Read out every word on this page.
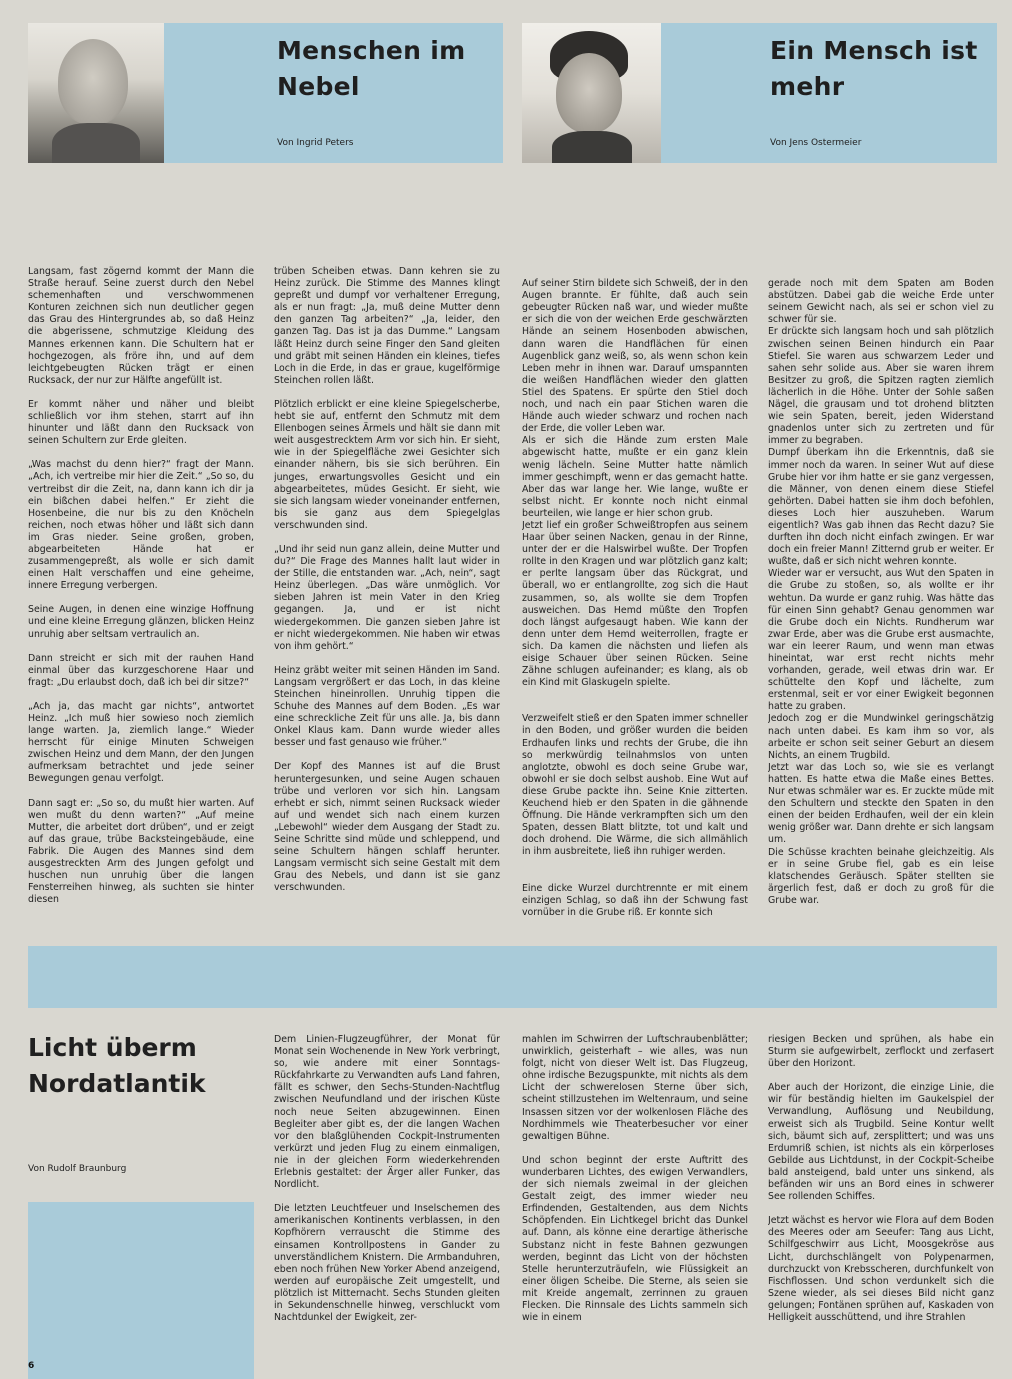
Menschen im Nebel
Von Ingrid Peters
Ein Mensch ist mehr
Von Jens Ostermeier

Langsam, fast zögernd kommt der Mann die Straße herauf. Seine zuerst durch den Nebel schemenhaften und verschwommenen Konturen zeichnen sich nun deutlicher gegen das Grau des Hintergrundes ab, so daß Heinz die abgerissene, schmutzige Kleidung des Mannes erkennen kann. Die Schultern hat er hochgezogen, als fröre ihn, und auf dem leichtgebeugten Rücken trägt er einen Rucksack, der nur zur Hälfte angefüllt ist.

Er kommt näher und näher und bleibt schließlich vor ihm stehen, starrt auf ihn hinunter und läßt dann den Rucksack von seinen Schultern zur Erde gleiten.

„Was machst du denn hier?“ fragt der Mann. „Ach, ich vertreibe mir hier die Zeit.“ „So so, du vertreibst dir die Zeit, na, dann kann ich dir ja ein bißchen dabei helfen.“ Er zieht die Hosenbeine, die nur bis zu den Knöcheln reichen, noch etwas höher und läßt sich dann im Gras nieder. Seine großen, groben, abgearbeiteten Hände hat er zusammengepreßt, als wolle er sich damit einen Halt verschaffen und eine geheime, innere Erregung verbergen.

Seine Augen, in denen eine winzige Hoffnung und eine kleine Erregung glänzen, blicken Heinz unruhig aber seltsam vertraulich an.

Dann streicht er sich mit der rauhen Hand einmal über das kurzgeschorene Haar und fragt: „Du erlaubst doch, daß ich bei dir sitze?“

„Ach ja, das macht gar nichts“, antwortet Heinz. „Ich muß hier sowieso noch ziemlich lange warten. Ja, ziemlich lange.“ Wieder herrscht für einige Minuten Schweigen zwischen Heinz und dem Mann, der den Jungen aufmerksam betrachtet und jede seiner Bewegungen genau verfolgt.

Dann sagt er: „So so, du mußt hier warten. Auf wen mußt du denn warten?“ „Auf meine Mutter, die arbeitet dort drüben“, und er zeigt auf das graue, trübe Backsteingebäude, eine Fabrik. Die Augen des Mannes sind dem ausgestreckten Arm des Jungen gefolgt und huschen nun unruhig über die langen Fensterreihen hinweg, als suchten sie hinter diesen

trüben Scheiben etwas. Dann kehren sie zu Heinz zurück. Die Stimme des Mannes klingt gepreßt und dumpf vor verhaltener Erregung, als er nun fragt: „Ja, muß deine Mutter denn den ganzen Tag arbeiten?“ „Ja, leider, den ganzen Tag. Das ist ja das Dumme.“ Langsam läßt Heinz durch seine Finger den Sand gleiten und gräbt mit seinen Händen ein kleines, tiefes Loch in die Erde, in das er graue, kugelförmige Steinchen rollen läßt.

Plötzlich erblickt er eine kleine Spiegelscherbe, hebt sie auf, entfernt den Schmutz mit dem Ellenbogen seines Ärmels und hält sie dann mit weit ausgestrecktem Arm vor sich hin. Er sieht, wie in der Spiegelfläche zwei Gesichter sich einander nähern, bis sie sich berühren. Ein junges, erwartungsvolles Gesicht und ein abgearbeitetes, müdes Gesicht. Er sieht, wie sie sich langsam wieder voneinander entfernen, bis sie ganz aus dem Spiegelglas verschwunden sind.

„Und ihr seid nun ganz allein, deine Mutter und du?“ Die Frage des Mannes hallt laut wider in der Stille, die entstanden war. „Ach, nein“, sagt Heinz überlegen. „Das wäre unmöglich. Vor sieben Jahren ist mein Vater in den Krieg gegangen. Ja, und er ist nicht wiedergekommen. Die ganzen sieben Jahre ist er nicht wiedergekommen. Nie haben wir etwas von ihm gehört.“

Heinz gräbt weiter mit seinen Händen im Sand. Langsam vergrößert er das Loch, in das kleine Steinchen hineinrollen. Unruhig tippen die Schuhe des Mannes auf dem Boden. „Es war eine schreckliche Zeit für uns alle. Ja, bis dann Onkel Klaus kam. Dann wurde wieder alles besser und fast genauso wie früher.“

Der Kopf des Mannes ist auf die Brust heruntergesunken, und seine Augen schauen trübe und verloren vor sich hin. Langsam erhebt er sich, nimmt seinen Rucksack wieder auf und wendet sich nach einem kurzen „Lebewohl“ wieder dem Ausgang der Stadt zu. Seine Schritte sind müde und schleppend, und seine Schultern hängen schlaff herunter. Langsam vermischt sich seine Gestalt mit dem Grau des Nebels, und dann ist sie ganz verschwunden.

Auf seiner Stirn bildete sich Schweiß, der in den Augen brannte. Er fühlte, daß auch sein gebeugter Rücken naß war, und wieder mußte er sich die von der weichen Erde geschwärzten Hände an seinem Hosenboden abwischen, dann waren die Handflächen für einen Augenblick ganz weiß, so, als wenn schon kein Leben mehr in ihnen war. Darauf umspannten die weißen Handflächen wieder den glatten Stiel des Spatens. Er spürte den Stiel doch noch, und nach ein paar Stichen waren die Hände auch wieder schwarz und rochen nach der Erde, die voller Leben war.
Als er sich die Hände zum ersten Male abgewischt hatte, mußte er ein ganz klein wenig lächeln. Seine Mutter hatte nämlich immer geschimpft, wenn er das gemacht hatte. Aber das war lange her. Wie lange, wußte er selbst nicht. Er konnte noch nicht einmal beurteilen, wie lange er hier schon grub.
Jetzt lief ein großer Schweißtropfen aus seinem Haar über seinen Nacken, genau in der Rinne, unter der er die Halswirbel wußte. Der Tropfen rollte in den Kragen und war plötzlich ganz kalt; er perlte langsam über das Rückgrat, und überall, wo er entlangrollte, zog sich die Haut zusammen, so, als wollte sie dem Tropfen ausweichen. Das Hemd müßte den Tropfen doch längst aufgesaugt haben. Wie kann der denn unter dem Hemd weiterrollen, fragte er sich. Da kamen die nächsten und liefen als eisige Schauer über seinen Rücken. Seine Zähne schlugen aufeinander; es klang, als ob ein Kind mit Glaskugeln spielte.

Verzweifelt stieß er den Spaten immer schneller in den Boden, und größer wurden die beiden Erdhaufen links und rechts der Grube, die ihn so merkwürdig teilnahmslos von unten anglotzte, obwohl es doch seine Grube war, obwohl er sie doch selbst aushob. Eine Wut auf diese Grube packte ihn. Seine Knie zitterten. Keuchend hieb er den Spaten in die gähnende Öffnung. Die Hände verkrampften sich um den Spaten, dessen Blatt blitzte, tot und kalt und doch drohend. Die Wärme, die sich allmählich in ihm ausbreitete, ließ ihn ruhiger werden.

Eine dicke Wurzel durchtrennte er mit einem einzigen Schlag, so daß ihn der Schwung fast vornüber in die Grube riß. Er konnte sich

gerade noch mit dem Spaten am Boden abstützen. Dabei gab die weiche Erde unter seinem Gewicht nach, als sei er schon viel zu schwer für sie.
Er drückte sich langsam hoch und sah plötzlich zwischen seinen Beinen hindurch ein Paar Stiefel. Sie waren aus schwarzem Leder und sahen sehr solide aus. Aber sie waren ihrem Besitzer zu groß, die Spitzen ragten ziemlich lächerlich in die Höhe. Unter der Sohle saßen Nägel, die grausam und tot drohend blitzten wie sein Spaten, bereit, jeden Widerstand gnadenlos unter sich zu zertreten und für immer zu begraben.
Dumpf überkam ihn die Erkenntnis, daß sie immer noch da waren. In seiner Wut auf diese Grube hier vor ihm hatte er sie ganz vergessen, die Männer, von denen einem diese Stiefel gehörten. Dabei hatten sie ihm doch befohlen, dieses Loch hier auszuheben. Warum eigentlich? Was gab ihnen das Recht dazu? Sie durften ihn doch nicht einfach zwingen. Er war doch ein freier Mann! Zitternd grub er weiter. Er wußte, daß er sich nicht wehren konnte.
Wieder war er versucht, aus Wut den Spaten in die Grube zu stoßen, so, als wollte er ihr wehtun. Da wurde er ganz ruhig. Was hätte das für einen Sinn gehabt? Genau genommen war die Grube doch ein Nichts. Rundherum war zwar Erde, aber was die Grube erst ausmachte, war ein leerer Raum, und wenn man etwas hineintat, war erst recht nichts mehr vorhanden, gerade, weil etwas drin war. Er schüttelte den Kopf und lächelte, zum erstenmal, seit er vor einer Ewigkeit begonnen hatte zu graben.
Jedoch zog er die Mundwinkel geringschätzig nach unten dabei. Es kam ihm so vor, als arbeite er schon seit seiner Geburt an diesem Nichts, an einem Trugbild.
Jetzt war das Loch so, wie sie es verlangt hatten. Es hatte etwa die Maße eines Bettes. Nur etwas schmäler war es. Er zuckte müde mit den Schultern und steckte den Spaten in den einen der beiden Erdhaufen, weil der ein klein wenig größer war. Dann drehte er sich langsam um.
Die Schüsse krachten beinahe gleichzeitig. Als er in seine Grube fiel, gab es ein leise klatschendes Geräusch. Später stellten sie ärgerlich fest, daß er doch zu groß für die Grube war.

Licht überm
Nordatlantik
Von Rudolf Braunburg

Dem Linien-Flugzeugführer, der Monat für Monat sein Wochenende in New York verbringt, so, wie andere mit einer Sonntags-Rückfahrkarte zu Verwandten aufs Land fahren, fällt es schwer, den Sechs-Stunden-Nachtflug zwischen Neufundland und der irischen Küste noch neue Seiten abzugewinnen. Einen Begleiter aber gibt es, der die langen Wachen vor den blaßglühenden Cockpit-Instrumenten verkürzt und jeden Flug zu einem einmaligen, nie in der gleichen Form wiederkehrenden Erlebnis gestaltet: der Ärger aller Funker, das Nordlicht.

Die letzten Leuchtfeuer und Inselschemen des amerikanischen Kontinents verblassen, in den Kopfhörern verrauscht die Stimme des einsamen Kontrollpostens in Gander zu unverständlichem Knistern. Die Armbanduhren, eben noch frühen New Yorker Abend anzeigend, werden auf europäische Zeit umgestellt, und plötzlich ist Mitternacht. Sechs Stunden gleiten in Sekundenschnelle hinweg, verschluckt vom Nachtdunkel der Ewigkeit, zer-

mahlen im Schwirren der Luftschraubenblätter; unwirklich, geisterhaft – wie alles, was nun folgt, nicht von dieser Welt ist. Das Flugzeug, ohne irdische Bezugspunkte, mit nichts als dem Licht der schwerelosen Sterne über sich, scheint stillzustehen im Weltenraum, und seine Insassen sitzen vor der wolkenlosen Fläche des Nordhimmels wie Theaterbesucher vor einer gewaltigen Bühne.

Und schon beginnt der erste Auftritt des wunderbaren Lichtes, des ewigen Verwandlers, der sich niemals zweimal in der gleichen Gestalt zeigt, des immer wieder neu Erfindenden, Gestaltenden, aus dem Nichts Schöpfenden. Ein Lichtkegel bricht das Dunkel auf. Dann, als könne eine derartige ätherische Substanz nicht in feste Bahnen gezwungen werden, beginnt das Licht von der höchsten Stelle herunterzuträufeln, wie Flüssigkeit an einer öligen Scheibe. Die Sterne, als seien sie mit Kreide angemalt, zerrinnen zu grauen Flecken. Die Rinnsale des Lichts sammeln sich wie in einem

riesigen Becken und sprühen, als habe ein Sturm sie aufgewirbelt, zerflockt und zerfasert über den Horizont.

Aber auch der Horizont, die einzige Linie, die wir für beständig hielten im Gaukelspiel der Verwandlung, Auflösung und Neubildung, erweist sich als Trugbild. Seine Kontur wellt sich, bäumt sich auf, zersplittert; und was uns Erdumriß schien, ist nichts als ein körperloses Gebilde aus Lichtdunst, in der Cockpit-Scheibe bald ansteigend, bald unter uns sinkend, als befänden wir uns an Bord eines in schwerer See rollenden Schiffes.

Jetzt wächst es hervor wie Flora auf dem Boden des Meeres oder am Seeufer: Tang aus Licht, Schilfgeschwirr aus Licht, Moosgekröse aus Licht, durchschlängelt von Polypenarmen, durchzuckt von Krebsscheren, durchfunkelt von Fischflossen. Und schon verdunkelt sich die Szene wieder, als sei dieses Bild nicht ganz gelungen; Fontänen sprühen auf, Kaskaden von Helligkeit ausschüttend, und ihre Strahlen

6
